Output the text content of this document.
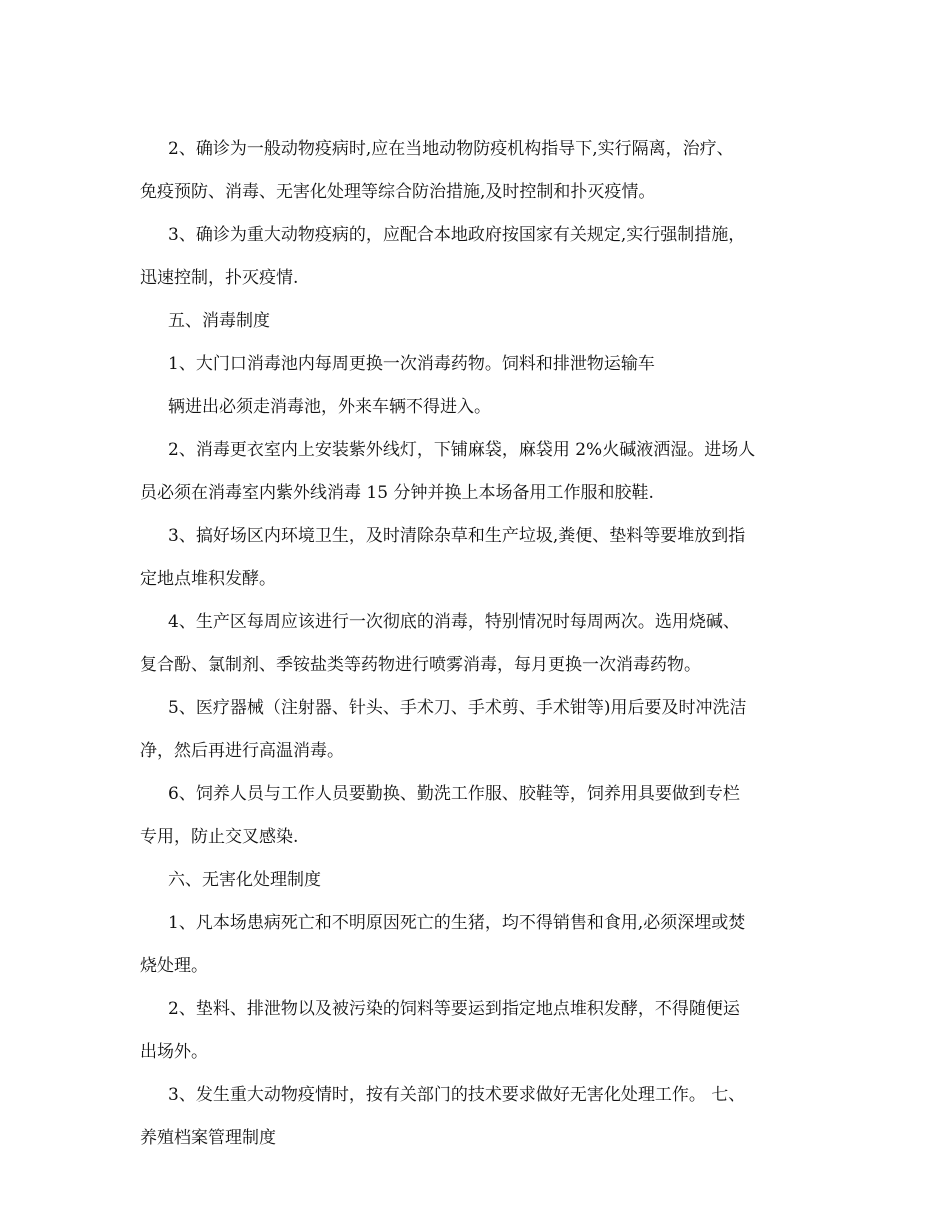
2、确诊为一般动物疫病时,应在当地动物防疫机构指导下,实行隔离，治疗、

免疫预防、消毒、无害化处理等综合防治措施,及时控制和扑灭疫情。

3、确诊为重大动物疫病的，应配合本地政府按国家有关规定,实行强制措施，

迅速控制，扑灭疫情.

五、消毒制度

1、大门口消毒池内每周更换一次消毒药物。饲料和排泄物运输车

辆进出必须走消毒池，外来车辆不得进入。

2、消毒更衣室内上安装紫外线灯，下铺麻袋，麻袋用 2%火碱液洒湿。进场人

员必须在消毒室内紫外线消毒 15 分钟并换上本场备用工作服和胶鞋.

3、搞好场区内环境卫生，及时清除杂草和生产垃圾,粪便、垫料等要堆放到指

定地点堆积发酵。

4、生产区每周应该进行一次彻底的消毒，特别情况时每周两次。选用烧碱、

复合酚、氯制剂、季铵盐类等药物进行喷雾消毒，每月更换一次消毒药物。

5、医疗器械（注射器、针头、手术刀、手术剪、手术钳等)用后要及时冲洗洁

净，然后再进行高温消毒。

6、饲养人员与工作人员要勤换、勤洗工作服、胶鞋等，饲养用具要做到专栏

专用，防止交叉感染.

六、无害化处理制度

1、凡本场患病死亡和不明原因死亡的生猪，均不得销售和食用,必须深埋或焚

烧处理。

2、垫料、排泄物以及被污染的饲料等要运到指定地点堆积发酵，不得随便运

出场外。

3、发生重大动物疫情时，按有关部门的技术要求做好无害化处理工作。 七、

养殖档案管理制度
